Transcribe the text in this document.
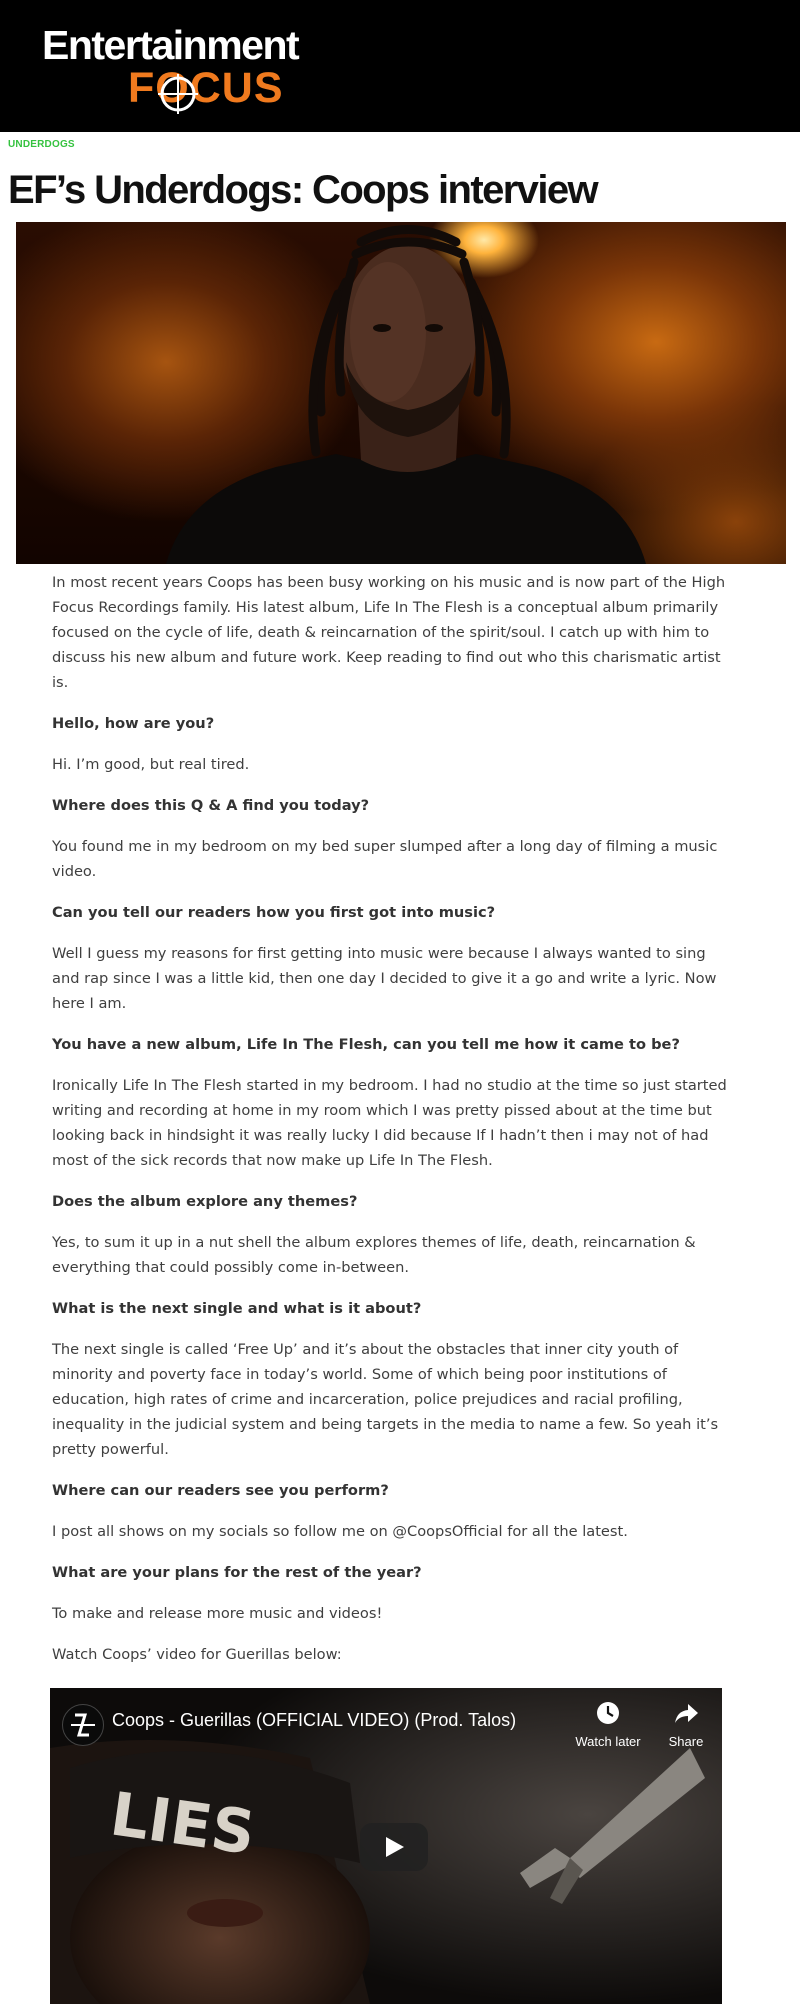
Entertainment
FOCUS
UNDERDOGS
EF’s Underdogs: Coops interview

In most recent years Coops has been busy working on his music and is now part of the High Focus Recordings family. His latest album, Life In The Flesh is a conceptual album primarily focused on the cycle of life, death & reincarnation of the spirit/soul. I catch up with him to discuss his new album and future work. Keep reading to find out who this charismatic artist is.

Hello, how are you?

Hi. I’m good, but real tired.

Where does this Q & A find you today?

You found me in my bedroom on my bed super slumped after a long day of filming a music video.

Can you tell our readers how you first got into music?

Well I guess my reasons for first getting into music were because I always wanted to sing and rap since I was a little kid, then one day I decided to give it a go and write a lyric. Now here I am.

You have a new album, Life In The Flesh, can you tell me how it came to be?

Ironically Life In The Flesh started in my bedroom. I had no studio at the time so just started writing and recording at home in my room which I was pretty pissed about at the time but looking back in hindsight it was really lucky I did because If I hadn’t then i may not of had most of the sick records that now make up Life In The Flesh.

Does the album explore any themes?

Yes, to sum it up in a nut shell the album explores themes of life, death, reincarnation & everything that could possibly come in-between.

What is the next single and what is it about?

The next single is called ‘Free Up’ and it’s about the obstacles that inner city youth of minority and poverty face in today’s world. Some of which being poor institutions of education, high rates of crime and incarceration, police prejudices and racial profiling, inequality in the judicial system and being targets in the media to name a few. So yeah it’s pretty powerful.

Where can our readers see you perform?

I post all shows on my socials so follow me on @CoopsOfficial for all the latest.

What are your plans for the rest of the year?

To make and release more music and videos!

Watch Coops’ video for Guerillas below:

LIES
Coops - Guerillas (OFFICIAL VIDEO) (Prod. Talos)
Watch later	Share
